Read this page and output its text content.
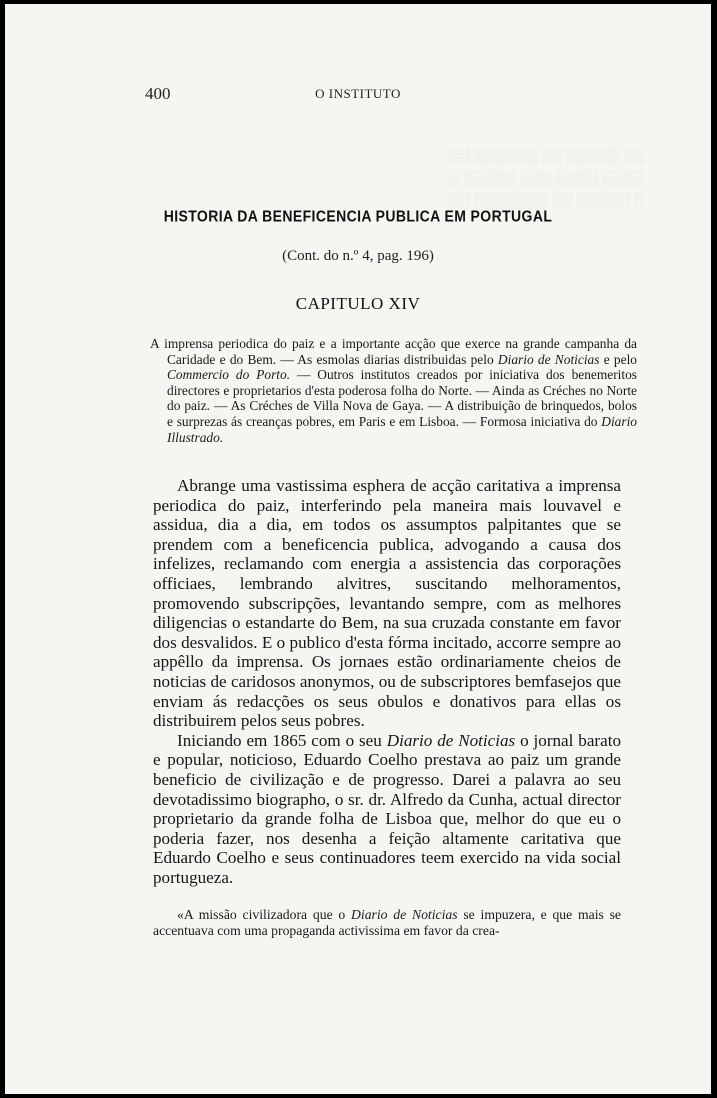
░░ ░░░░░ ░░ ░░░░░░ ░░
░░░░ ░░░░ ░░░ ░░░░░ ░
░ ░░░░░ ░░ ░░░░░░░ ░░

400	O INSTITUTO
HISTORIA DA BENEFICENCIA PUBLICA EM PORTUGAL
(Cont. do n.º 4, pag. 196)
CAPITULO XIV

A imprensa periodica do paiz e a importante acção que exerce na grande campanha da Caridade e do Bem. — As esmolas diarias distribuidas pelo Diario de Noticias e pelo Commercio do Porto. — Outros institutos creados por iniciativa dos benemeritos directores e proprietarios d'esta poderosa folha do Norte. — Ainda as Créches no Norte do paiz. — As Créches de Villa Nova de Gaya. — A distribuição de brinquedos, bolos e surprezas ás creanças pobres, em Paris e em Lisboa. — Formosa iniciativa do Diario Illustrado.

Abrange uma vastissima esphera de acção caritativa a imprensa periodica do paiz, interferindo pela maneira mais louvavel e assidua, dia a dia, em todos os assumptos palpitantes que se prendem com a beneficencia publica, advogando a causa dos infelizes, reclamando com energia a assistencia das corporações officiaes, lembrando alvitres, suscitando melhoramentos, promovendo subscripções, levantando sempre, com as melhores diligencias o estandarte do Bem, na sua cruzada constante em favor dos desvalidos. E o publico d'esta fórma incitado, accorre sempre ao appêllo da imprensa. Os jornaes estão ordinariamente cheios de noticias de caridosos anonymos, ou de subscriptores bemfasejos que enviam ás redacções os seus obulos e donativos para ellas os distribuirem pelos seus pobres.

Iniciando em 1865 com o seu Diario de Noticias o jornal barato e popular, noticioso, Eduardo Coelho prestava ao paiz um grande beneficio de civilização e de progresso. Darei a palavra ao seu devotadissimo biographo, o sr. dr. Alfredo da Cunha, actual director proprietario da grande folha de Lisboa que, melhor do que eu o poderia fazer, nos desenha a feição altamente caritativa que Eduardo Coelho e seus continuadores teem exercido na vida social portugueza.

«A missão civilizadora que o Diario de Noticias se impuzera, e que mais se accentuava com uma propaganda activissima em favor da crea-
